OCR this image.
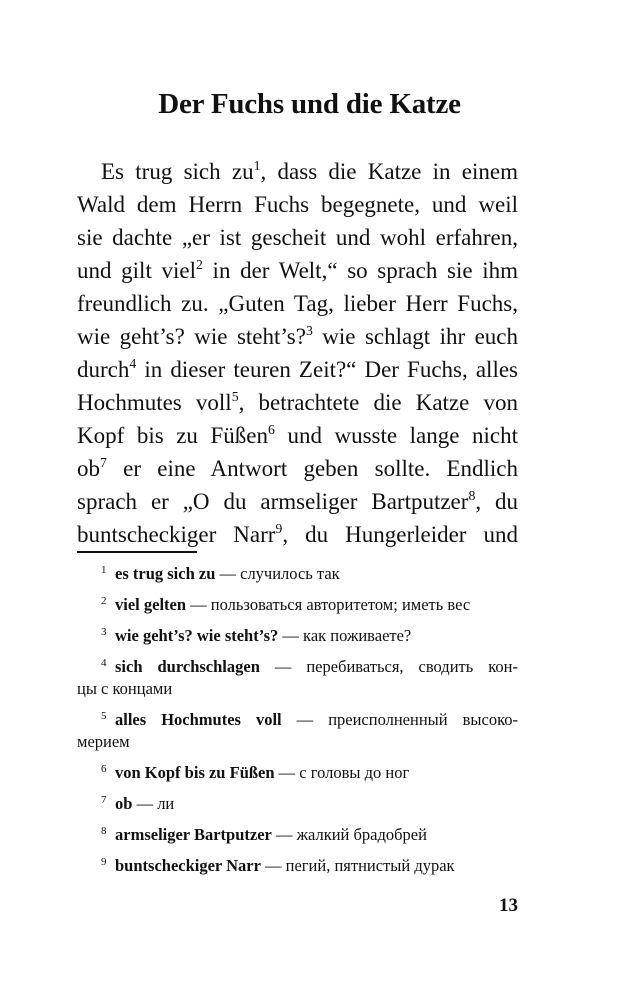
Der Fuchs und die Katze
Es trug sich $zu^1$, dass die Katze in einem
Wald dem Herrn Fuchs begegnete, und weil
sie dachte „er ist gescheit und wohl erfahren,
und gilt viel$^2$ in der Welt,“ so sprach sie ihm
freundlich zu. „Guten Tag, lieber Herr Fuchs,
wie geht’s? wie steht’s?$^3$ wie schlagt ihr euch
durch$^4$ in dieser teuren Zeit?“ Der Fuchs, alles
Hochmutes voll$^5$, betrachtete die Katze von
Kopf bis zu Füßen$^6$ und wusste lange nicht
$ob^7$ er eine Antwort geben sollte. Endlich
sprach er „O du armseliger Bartputzer$^8$, du
buntscheckiger Narr$^9$, du Hungerleider und
1 es trug sich zu — случилось так
2 viel gelten — пользоваться авторитетом; иметь вес
3 wie geht’s? wie steht’s? — как поживаете?
4 sich durchschlagen — перебиваться, сводить кон-
цы с концами
5 alles Hochmutes voll — преисполненный высоко-
мерием
6 von Kopf bis zu Füßen — с головы до ног
7 ob — ли
8 armseliger Bartputzer — жалкий брадобрей
9 buntscheckiger Narr — пегий, пятнистый дурак
13
